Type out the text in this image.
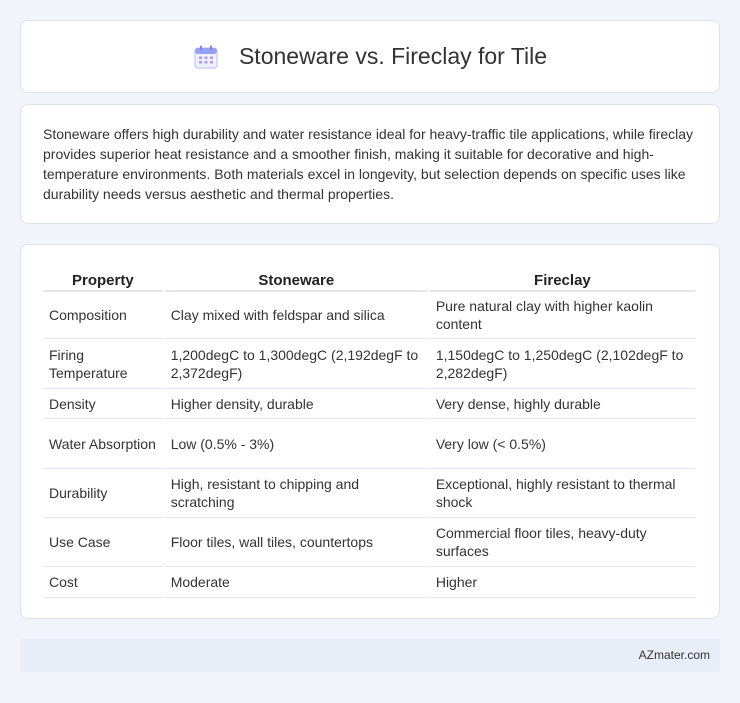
Stoneware vs. Fireclay for Tile

Stoneware offers high durability and water resistance ideal for heavy-traffic tile applications, while fireclay provides superior heat resistance and a smoother finish, making it suitable for decorative and high-temperature environments. Both materials excel in longevity, but selection depends on specific uses like durability needs versus aesthetic and thermal properties.

Property	Stoneware	Fireclay
Composition	Clay mixed with feldspar and silica	Pure natural clay with higher kaolin content
Firing Temperature	1,200degC to 1,300degC (2,192degF to 2,372degF)	1,150degC to 1,250degC (2,102degF to 2,282degF)
Density	Higher density, durable	Very dense, highly durable
Water Absorption	Low (0.5% - 3%)	Very low (< 0.5%)
Durability	High, resistant to chipping and scratching	Exceptional, highly resistant to thermal shock
Use Case	Floor tiles, wall tiles, countertops	Commercial floor tiles, heavy-duty surfaces
Cost	Moderate	Higher
AZmater.com
